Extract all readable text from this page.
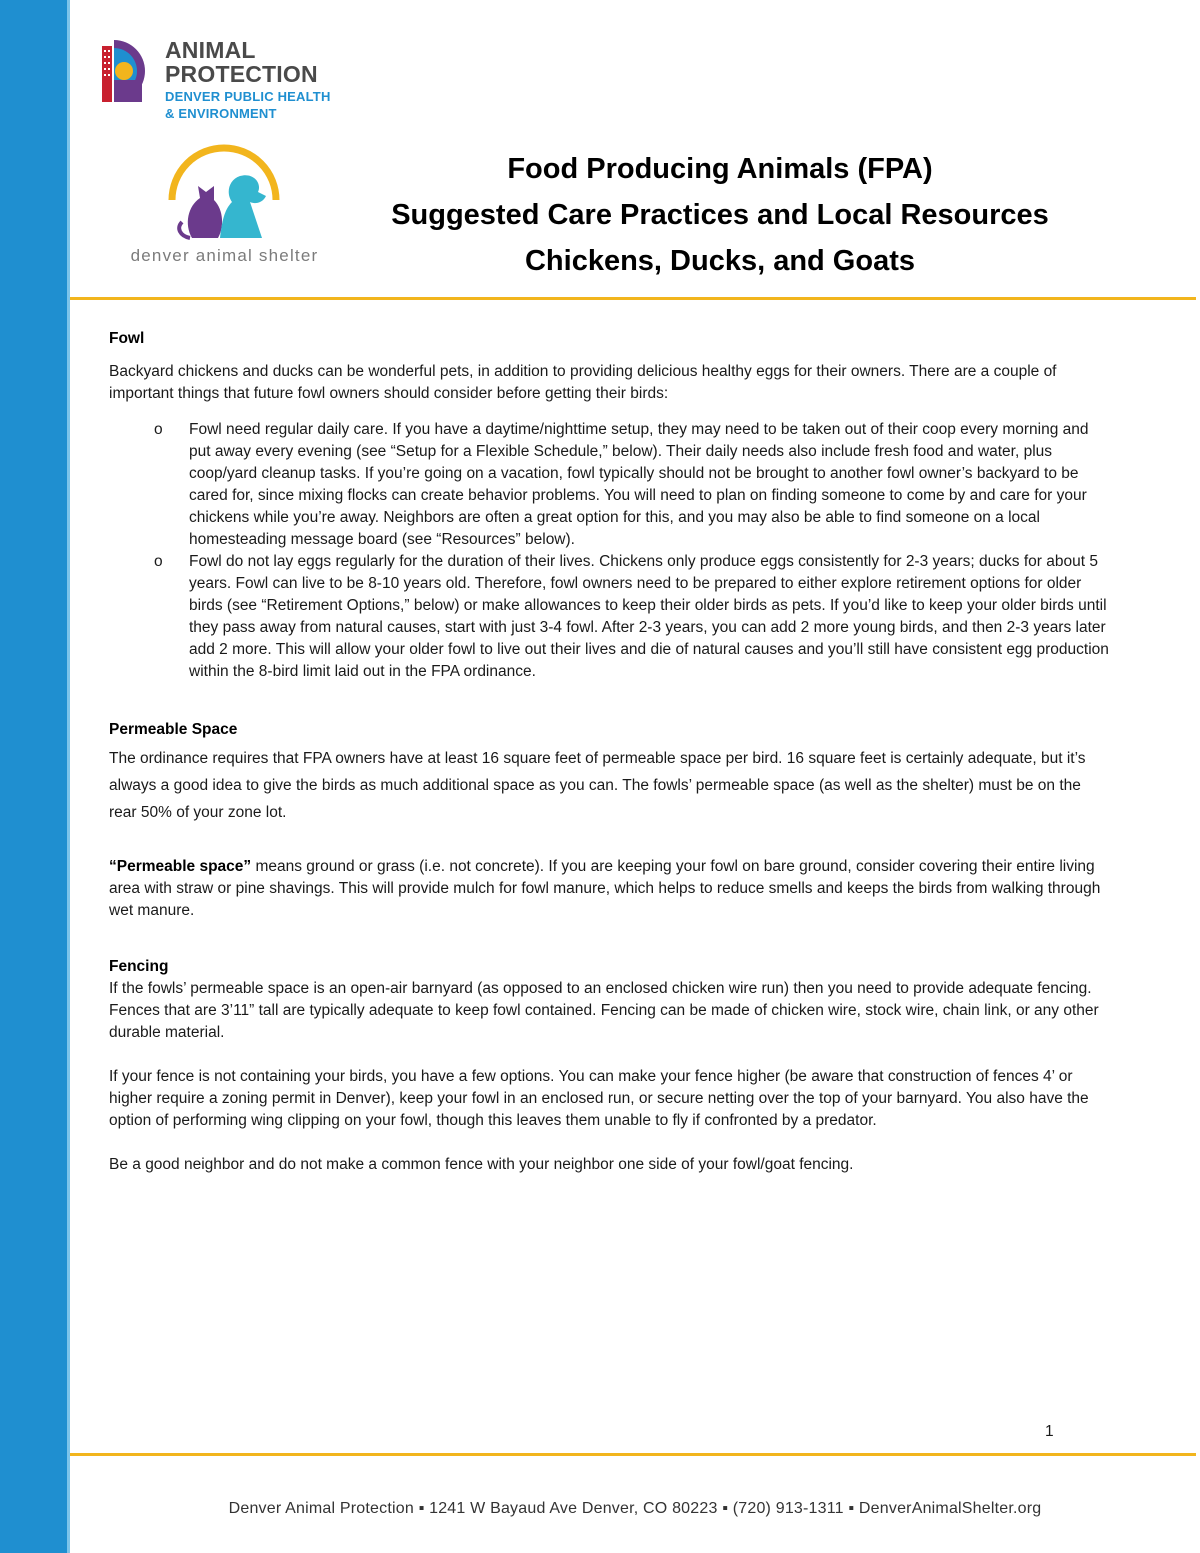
ANIMAL
PROTECTION
DENVER PUBLIC HEALTH
& ENVIRONMENT
denver animal shelter
Food Producing Animals (FPA)
Suggested Care Practices and Local Resources
Chickens, Ducks, and Goats

Fowl

Backyard chickens and ducks can be wonderful pets, in addition to providing delicious healthy eggs for their owners. There are a couple of important things that future fowl owners should consider before getting their birds:

o Fowl need regular daily care. If you have a daytime/nighttime setup, they may need to be taken out of their coop every morning and put away every evening (see “Setup for a Flexible Schedule,” below). Their daily needs also include fresh food and water, plus coop/yard cleanup tasks. If you’re going on a vacation, fowl typically should not be brought to another fowl owner’s backyard to be cared for, since mixing flocks can create behavior problems. You will need to plan on finding someone to come by and care for your chickens while you’re away. Neighbors are often a great option for this, and you may also be able to find someone on a local homesteading message board (see “Resources” below).
o Fowl do not lay eggs regularly for the duration of their lives. Chickens only produce eggs consistently for 2-3 years; ducks for about 5 years. Fowl can live to be 8-10 years old. Therefore, fowl owners need to be prepared to either explore retirement options for older birds (see “Retirement Options,” below) or make allowances to keep their older birds as pets. If you’d like to keep your older birds until they pass away from natural causes, start with just 3-4 fowl. After 2-3 years, you can add 2 more young birds, and then 2-3 years later add 2 more. This will allow your older fowl to live out their lives and die of natural causes and you’ll still have consistent egg production within the 8-bird limit laid out in the FPA ordinance.

Permeable Space

The ordinance requires that FPA owners have at least 16 square feet of permeable space per bird. 16 square feet is certainly adequate, but it’s always a good idea to give the birds as much additional space as you can. The fowls’ permeable space (as well as the shelter) must be on the rear 50% of your zone lot.

“Permeable space” means ground or grass (i.e. not concrete). If you are keeping your fowl on bare ground, consider covering their entire living area with straw or pine shavings. This will provide mulch for fowl manure, which helps to reduce smells and keeps the birds from walking through wet manure.

Fencing

If the fowls’ permeable space is an open-air barnyard (as opposed to an enclosed chicken wire run) then you need to provide adequate fencing. Fences that are 3’11” tall are typically adequate to keep fowl contained. Fencing can be made of chicken wire, stock wire, chain link, or any other durable material.

If your fence is not containing your birds, you have a few options. You can make your fence higher (be aware that construction of fences 4’ or higher require a zoning permit in Denver), keep your fowl in an enclosed run, or secure netting over the top of your barnyard. You also have the option of performing wing clipping on your fowl, though this leaves them unable to fly if confronted by a predator.

Be a good neighbor and do not make a common fence with your neighbor one side of your fowl/goat fencing.

1
Denver Animal Protection ▪ 1241 W Bayaud Ave Denver, CO 80223 ▪ (720) 913-1311 ▪ DenverAnimalShelter.org
